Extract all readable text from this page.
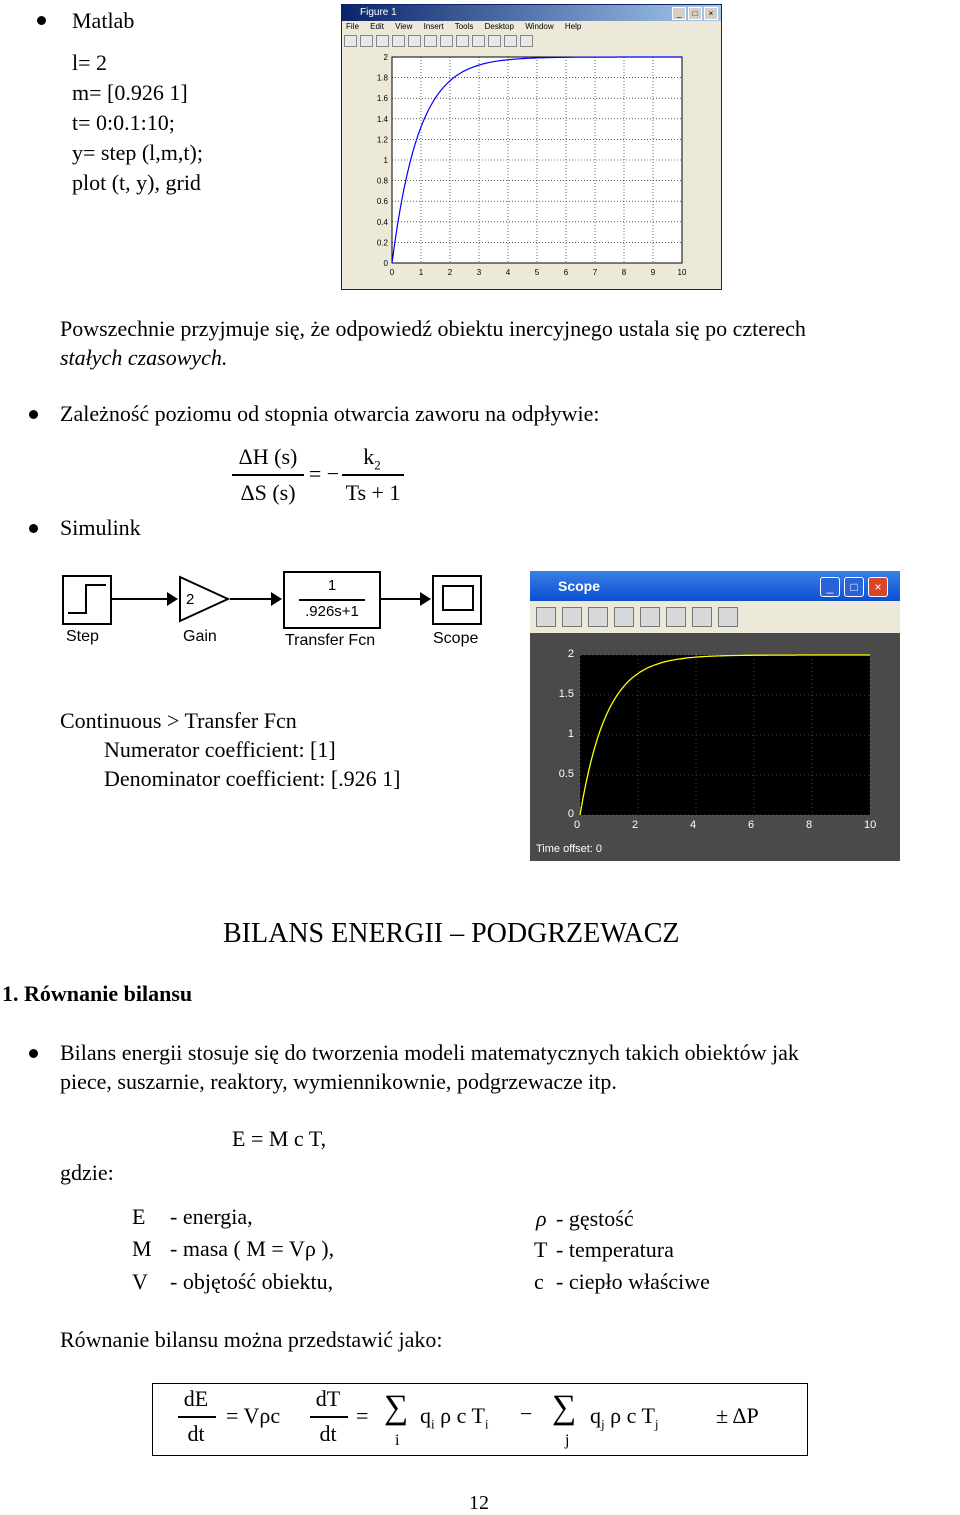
Matlab
l= 2
m= [0.926 1]
t= 0:0.1:10;
y= step (l,m,t);
plot (t, y), grid
Figure 1	_	□	×
File Edit View Insert Tools Desktop Window Help
0
0.2
0.4
0.6
0.8
1
1.2
1.4
1.6
1.8
2
0	1	2	3	4	5	6	7	8	9	10
Powszechnie przyjmuje się, że odpowiedź obiektu inercyjnego ustala się po czterech
stałych czasowych.
Zależność poziomu od stopnia otwarcia zaworu na odpływie:
ΔH (s)
ΔS (s)
= −
$k_2$
Ts + 1
Simulink
Step
2
Gain
1
.926s+1
Transfer Fcn	Scope
Continuous > Transfer Fcn
Numerator coefficient: [1]
Denominator coefficient: [.926 1]
Scope	_	□	×
0
0.5
1
1.5
2
0	2	4	6	8	10
Time offset: 0
BILANS ENERGII – PODGRZEWACZ
1. Równanie bilansu
Bilans energii stosuje się do tworzenia modeli matematycznych takich obiektów jak
piece, suszarnie, reaktory, wymiennikownie, podgrzewacze itp.
E = M c T,
gdzie:
E - energia,
M - masa ( M = Vρ ),
V - objętość obiektu,
ρ - gęstość
T - temperatura
c - ciepło właściwe
Równanie bilansu można przedstawić jako:
dE
dt
= Vρc
dT
dt
= ∑
i
$q_i$ ρ c $T_i$ − ∑
j
$q_j$ ρ c $T_j$	± ΔP
12
